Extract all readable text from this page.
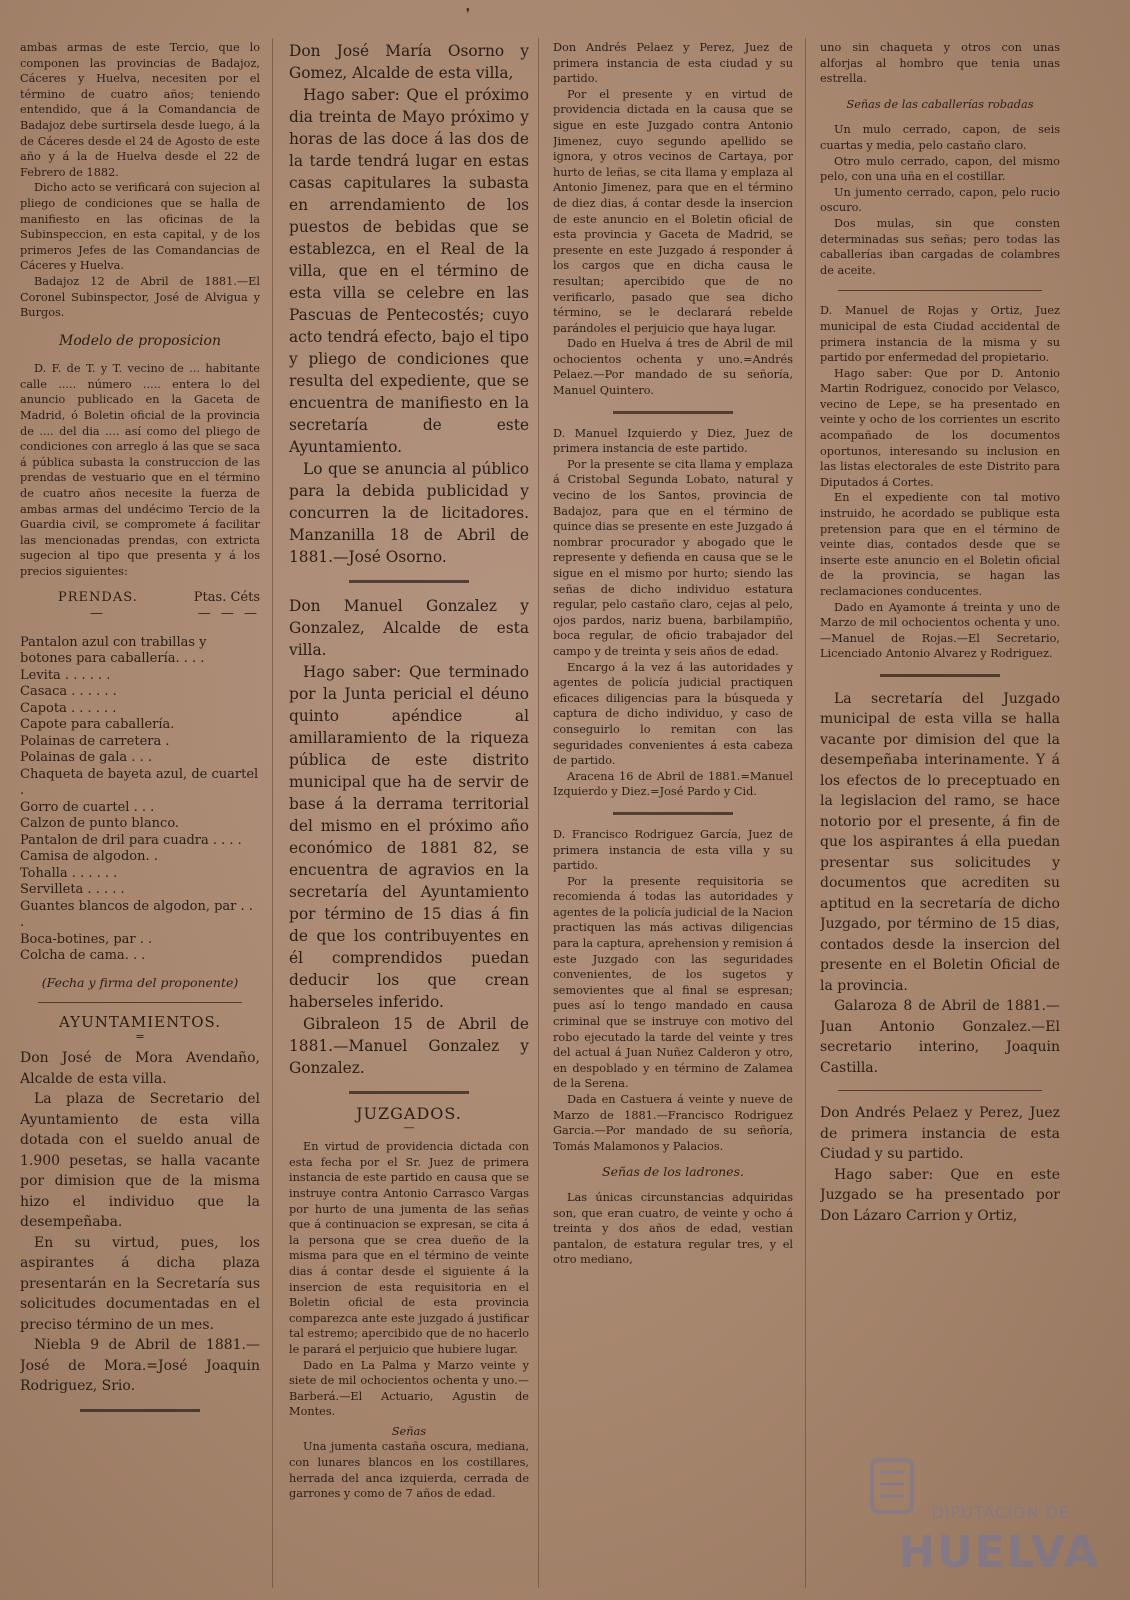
❜

ambas armas de este Tercio, que lo componen las provincias de Badajoz, Cáceres y Huelva, necesiten por el término de cuatro años; teniendo entendido, que á la Comandancia de Badajoz debe surtirsela desde luego, á la de Cáceres desde el 24 de Agosto de este año y á la de Huelva desde el 22 de Febrero de 1882.

Dicho acto se verificará con sujecion al pliego de condiciones que se halla de manifiesto en las oficinas de la Subinspeccion, en esta capital, y de los primeros Jefes de las Comandancias de Cáceres y Huelva.

Badajoz 12 de Abril de 1881.—El Coronel Subinspector, José de Alvigua y Burgos.

Modelo de proposicion

D. F. de T. y T. vecino de ... habitante calle ..... número ..... entera lo del anuncio publicado en la Gaceta de Madrid, ó Boletin oficial de la provincia de .... del dia .... así como del pliego de condiciones con arreglo á las que se saca á pública subasta la construccion de las prendas de vestuario que en el término de cuatro años necesite la fuerza de ambas armas del undécimo Tercio de la Guardia civil, se compromete á facilitar las mencionadas prendas, con extricta sugecion al tipo que presenta y á los precios siguientes:

PRENDAS.	Ptas. Céts
—	— — —
Pantalon azul con trabillas y botones para caballería. . . .
Levita . . . . . .
Casaca . . . . . .
Capota . . . . . .
Capote para caballería.
Polainas de carretera .
Polainas de gala . . .
Chaqueta de bayeta azul, de cuartel .
Gorro de cuartel . . .
Calzon de punto blanco.
Pantalon de dril para cuadra . . . .
Camisa de algodon. .
Tohalla . . . . . .
Servilleta . . . . .
Guantes blancos de algodon, par . . .
Boca-botines, par . .
Colcha de cama. . .

(Fecha y firma del proponente)

AYUNTAMIENTOS.

=

Don José de Mora Avendaño, Alcalde de esta villa.

La plaza de Secretario del Ayuntamiento de esta villa dotada con el sueldo anual de 1.900 pesetas, se halla vacante por dimision que de la misma hizo el individuo que la desempeñaba.

En su virtud, pues, los aspirantes á dicha plaza presentarán en la Secretaría sus solicitudes documentadas en el preciso término de un mes.

Niebla 9 de Abril de 1881.—José de Mora.=José Joaquin Rodriguez, Srio.

Don José María Osorno y Gomez, Alcalde de esta villa,

Hago saber: Que el próximo dia treinta de Mayo próximo y horas de las doce á las dos de la tarde tendrá lugar en estas casas capitulares la subasta en arrendamiento de los puestos de bebidas que se establezca, en el Real de la villa, que en el término de esta villa se celebre en las Pascuas de Pentecostés; cuyo acto tendrá efecto, bajo el tipo y pliego de condiciones que resulta del expediente, que se encuentra de manifiesto en la secretaría de este Ayuntamiento.

Lo que se anuncia al público para la debida publicidad y concurren la de licitadores. Manzanilla 18 de Abril de 1881.—José Osorno.

Don Manuel Gonzalez y Gonzalez, Alcalde de esta villa.

Hago saber: Que terminado por la Junta pericial el déuno quinto apéndice al amillaramiento de la riqueza pública de este distrito municipal que ha de servir de base á la derrama territorial del mismo en el próximo año económico de 1881 82, se encuentra de agravios en la secretaría del Ayuntamiento por término de 15 dias á fin de que los contribuyentes en él comprendidos puedan deducir los que crean haberseles inferido.

Gibraleon 15 de Abril de 1881.—Manuel Gonzalez y Gonzalez.

JUZGADOS.

—

En virtud de providencia dictada con esta fecha por el Sr. Juez de primera instancia de este partido en causa que se instruye contra Antonio Carrasco Vargas por hurto de una jumenta de las señas que á continuacion se expresan, se cita á la persona que se crea dueño de la misma para que en el término de veinte dias á contar desde el siguiente á la insercion de esta requisitoria en el Boletin oficial de esta provincia comparezca ante este juzgado á justificar tal estremo; apercibido que de no hacerlo le parará el perjuicio que hubiere lugar.

Dado en La Palma y Marzo veinte y siete de mil ochocientos ochenta y uno.—Barberá.—El Actuario, Agustin de Montes.

Señas

Una jumenta castaña oscura, mediana, con lunares blancos en los costillares, herrada del anca izquierda, cerrada de garrones y como de 7 años de edad.

Don Andrés Pelaez y Perez, Juez de primera instancia de esta ciudad y su partido.

Por el presente y en virtud de providencia dictada en la causa que se sigue en este Juzgado contra Antonio Jimenez, cuyo segundo apellido se ignora, y otros vecinos de Cartaya, por hurto de leñas, se cita llama y emplaza al Antonio Jimenez, para que en el término de diez dias, á contar desde la insercion de este anuncio en el Boletin oficial de esta provincia y Gaceta de Madrid, se presente en este Juzgado á responder á los cargos que en dicha causa le resultan; apercibido que de no verificarlo, pasado que sea dicho término, se le declarará rebelde parándoles el perjuicio que haya lugar.

Dado en Huelva á tres de Abril de mil ochocientos ochenta y uno.=Andrés Pelaez.—Por mandado de su señoría, Manuel Quintero.

D. Manuel Izquierdo y Diez, Juez de primera instancia de este partido.

Por la presente se cita llama y emplaza á Cristobal Segunda Lobato, natural y vecino de los Santos, provincia de Badajoz, para que en el término de quince dias se presente en este Juzgado á nombrar procurador y abogado que le represente y defienda en causa que se le sigue en el mismo por hurto; siendo las señas de dicho individuo estatura regular, pelo castaño claro, cejas al pelo, ojos pardos, nariz buena, barbilampiño, boca regular, de oficio trabajador del campo y de treinta y seis años de edad.

Encargo á la vez á las autoridades y agentes de policía judicial practiquen eficaces diligencias para la búsqueda y captura de dicho individuo, y caso de conseguirlo lo remitan con las seguridades convenientes á esta cabeza de partido.

Aracena 16 de Abril de 1881.=Manuel Izquierdo y Diez.=José Pardo y Cid.

D. Francisco Rodriguez García, Juez de primera instancia de esta villa y su partido.

Por la presente requisitoria se recomienda á todas las autoridades y agentes de la policía judicial de la Nacion practiquen las más activas diligencias para la captura, aprehension y remision á este Juzgado con las seguridades convenientes, de los sugetos y semovientes que al final se espresan; pues así lo tengo mandado en causa criminal que se instruye con motivo del robo ejecutado la tarde del veinte y tres del actual á Juan Nuñez Calderon y otro, en despoblado y en término de Zalamea de la Serena.

Dada en Castuera á veinte y nueve de Marzo de 1881.—Francisco Rodriguez Garcia.—Por mandado de su señoría, Tomás Malamonos y Palacios.

Señas de los ladrones.

Las únicas circunstancias adquiridas son, que eran cuatro, de veinte y ocho á treinta y dos años de edad, vestian pantalon, de estatura regular tres, y el otro mediano,

uno sin chaqueta y otros con unas alforjas al hombro que tenia unas estrella.

Señas de las caballerías robadas

Un mulo cerrado, capon, de seis cuartas y media, pelo castaño claro.

Otro mulo cerrado, capon, del mismo pelo, con una uña en el costillar.

Un jumento cerrado, capon, pelo rucio oscuro.

Dos mulas, sin que consten determinadas sus señas; pero todas las caballerías iban cargadas de colambres de aceite.

D. Manuel de Rojas y Ortiz, Juez municipal de esta Ciudad accidental de primera instancia de la misma y su partido por enfermedad del propietario.

Hago saber: Que por D. Antonio Martin Rodriguez, conocido por Velasco, vecino de Lepe, se ha presentado en veinte y ocho de los corrientes un escrito acompañado de los documentos oportunos, interesando su inclusion en las listas electorales de este Distrito para Diputados á Cortes.

En el expediente con tal motivo instruido, he acordado se publique esta pretension para que en el término de veinte dias, contados desde que se inserte este anuncio en el Boletin oficial de la provincia, se hagan las reclamaciones conducentes.

Dado en Ayamonte á treinta y uno de Marzo de mil ochocientos ochenta y uno.—Manuel de Rojas.—El Secretario, Licenciado Antonio Alvarez y Rodriguez.

La secretaría del Juzgado municipal de esta villa se halla vacante por dimision del que la desempeñaba interinamente. Y á los efectos de lo preceptuado en la legislacion del ramo, se hace notorio por el presente, á fin de que los aspirantes á ella puedan presentar sus solicitudes y documentos que acrediten su aptitud en la secretaría de dicho Juzgado, por término de 15 dias, contados desde la insercion del presente en el Boletin Oficial de la provincia.

Galaroza 8 de Abril de 1881.—Juan Antonio Gonzalez.—El secretario interino, Joaquin Castilla.

Don Andrés Pelaez y Perez, Juez de primera instancia de esta Ciudad y su partido.

Hago saber: Que en este Juzgado se ha presentado por Don Lázaro Carrion y Ortiz,

DIPUTACIÓN DE
HUELVA
